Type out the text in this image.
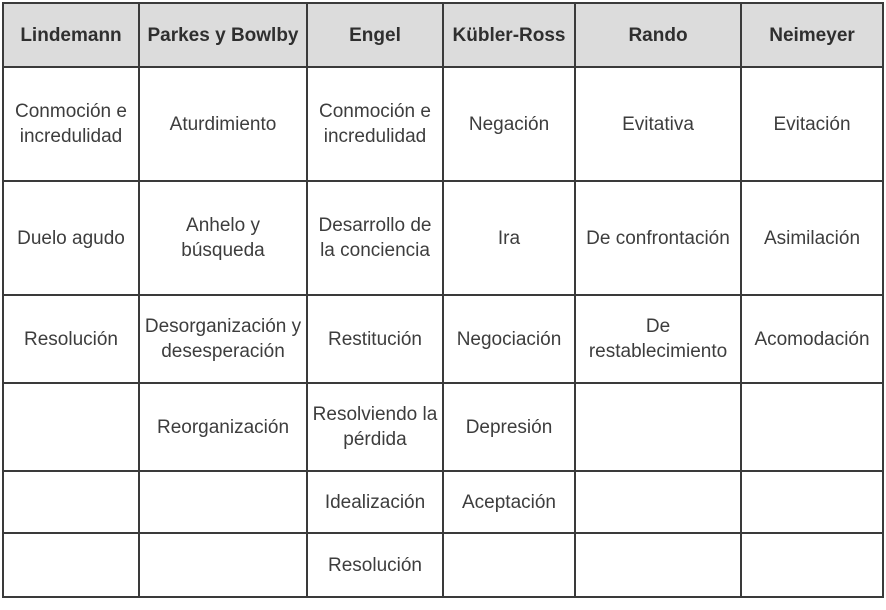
Lindemann	Parkes y Bowlby	Engel	Kübler-Ross	Rando	Neimeyer
Conmoción e incredulidad	Aturdimiento	Conmoción e incredulidad	Negación	Evitativa	Evitación
Duelo agudo	Anhelo y búsqueda	Desarrollo de la conciencia	Ira	De confrontación	Asimilación
Resolución	Desorganización y desesperación	Restitución	Negociación	De restablecimiento	Acomodación
	Reorganización	Resolviendo la pérdida	Depresión		
		Idealización	Aceptación		
		Resolución			
